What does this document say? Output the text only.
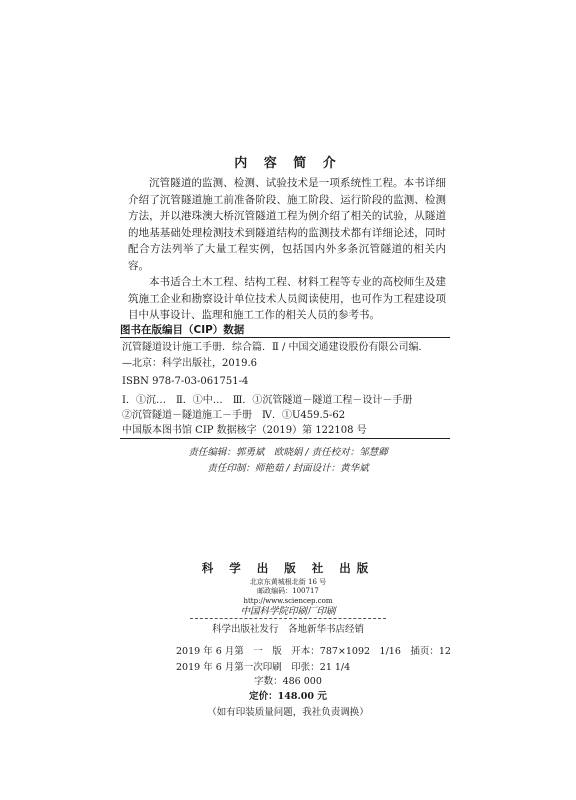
内 容 简 介

沉管隧道的监测、检测、试验技术是一项系统性工程。本书详细介绍了沉管隧道施工前准备阶段、施工阶段、运行阶段的监测、检测方法，并以港珠澳大桥沉管隧道工程为例介绍了相关的试验，从隧道的地基基础处理检测技术到隧道结构的监测技术都有详细论述，同时配合方法列举了大量工程实例，包括国内外多条沉管隧道的相关内容。

本书适合土木工程、结构工程、材料工程等专业的高校师生及建筑施工企业和勘察设计单位技术人员阅读使用，也可作为工程建设项目中从事设计、监理和施工工作的相关人员的参考书。

图书在版编目（CIP）数据
沉管隧道设计施工手册．综合篇．Ⅱ / 中国交通建设股份有限公司编．
—北京：科学出版社，2019.6
ISBN 978-7-03-061751-4
Ⅰ．①沉…　Ⅱ．①中…　Ⅲ．①沉管隧道－隧道工程－设计－手册
②沉管隧道－隧道施工－手册　Ⅳ．①U459.5-62
中国版本图书馆 CIP 数据核字（2019）第 122108 号
责任编辑：郭勇斌　欧晓娟 / 责任校对：邹慧卿
责任印制：师艳茹 / 封面设计：黄华斌
科 学 出 版 社 出版
北京东黄城根北街 16 号
邮政编码：100717
http://www.sciencep.com
中国科学院印刷厂印刷
科学出版社发行　各地新华书店经销
2019 年 6 月第　一　版　开本：787×1092　1/16　插页：12
2019 年 6 月第一次印刷　印张：21 1/4
字数：486 000
定价：148.00 元
（如有印装质量问题，我社负责调换）
